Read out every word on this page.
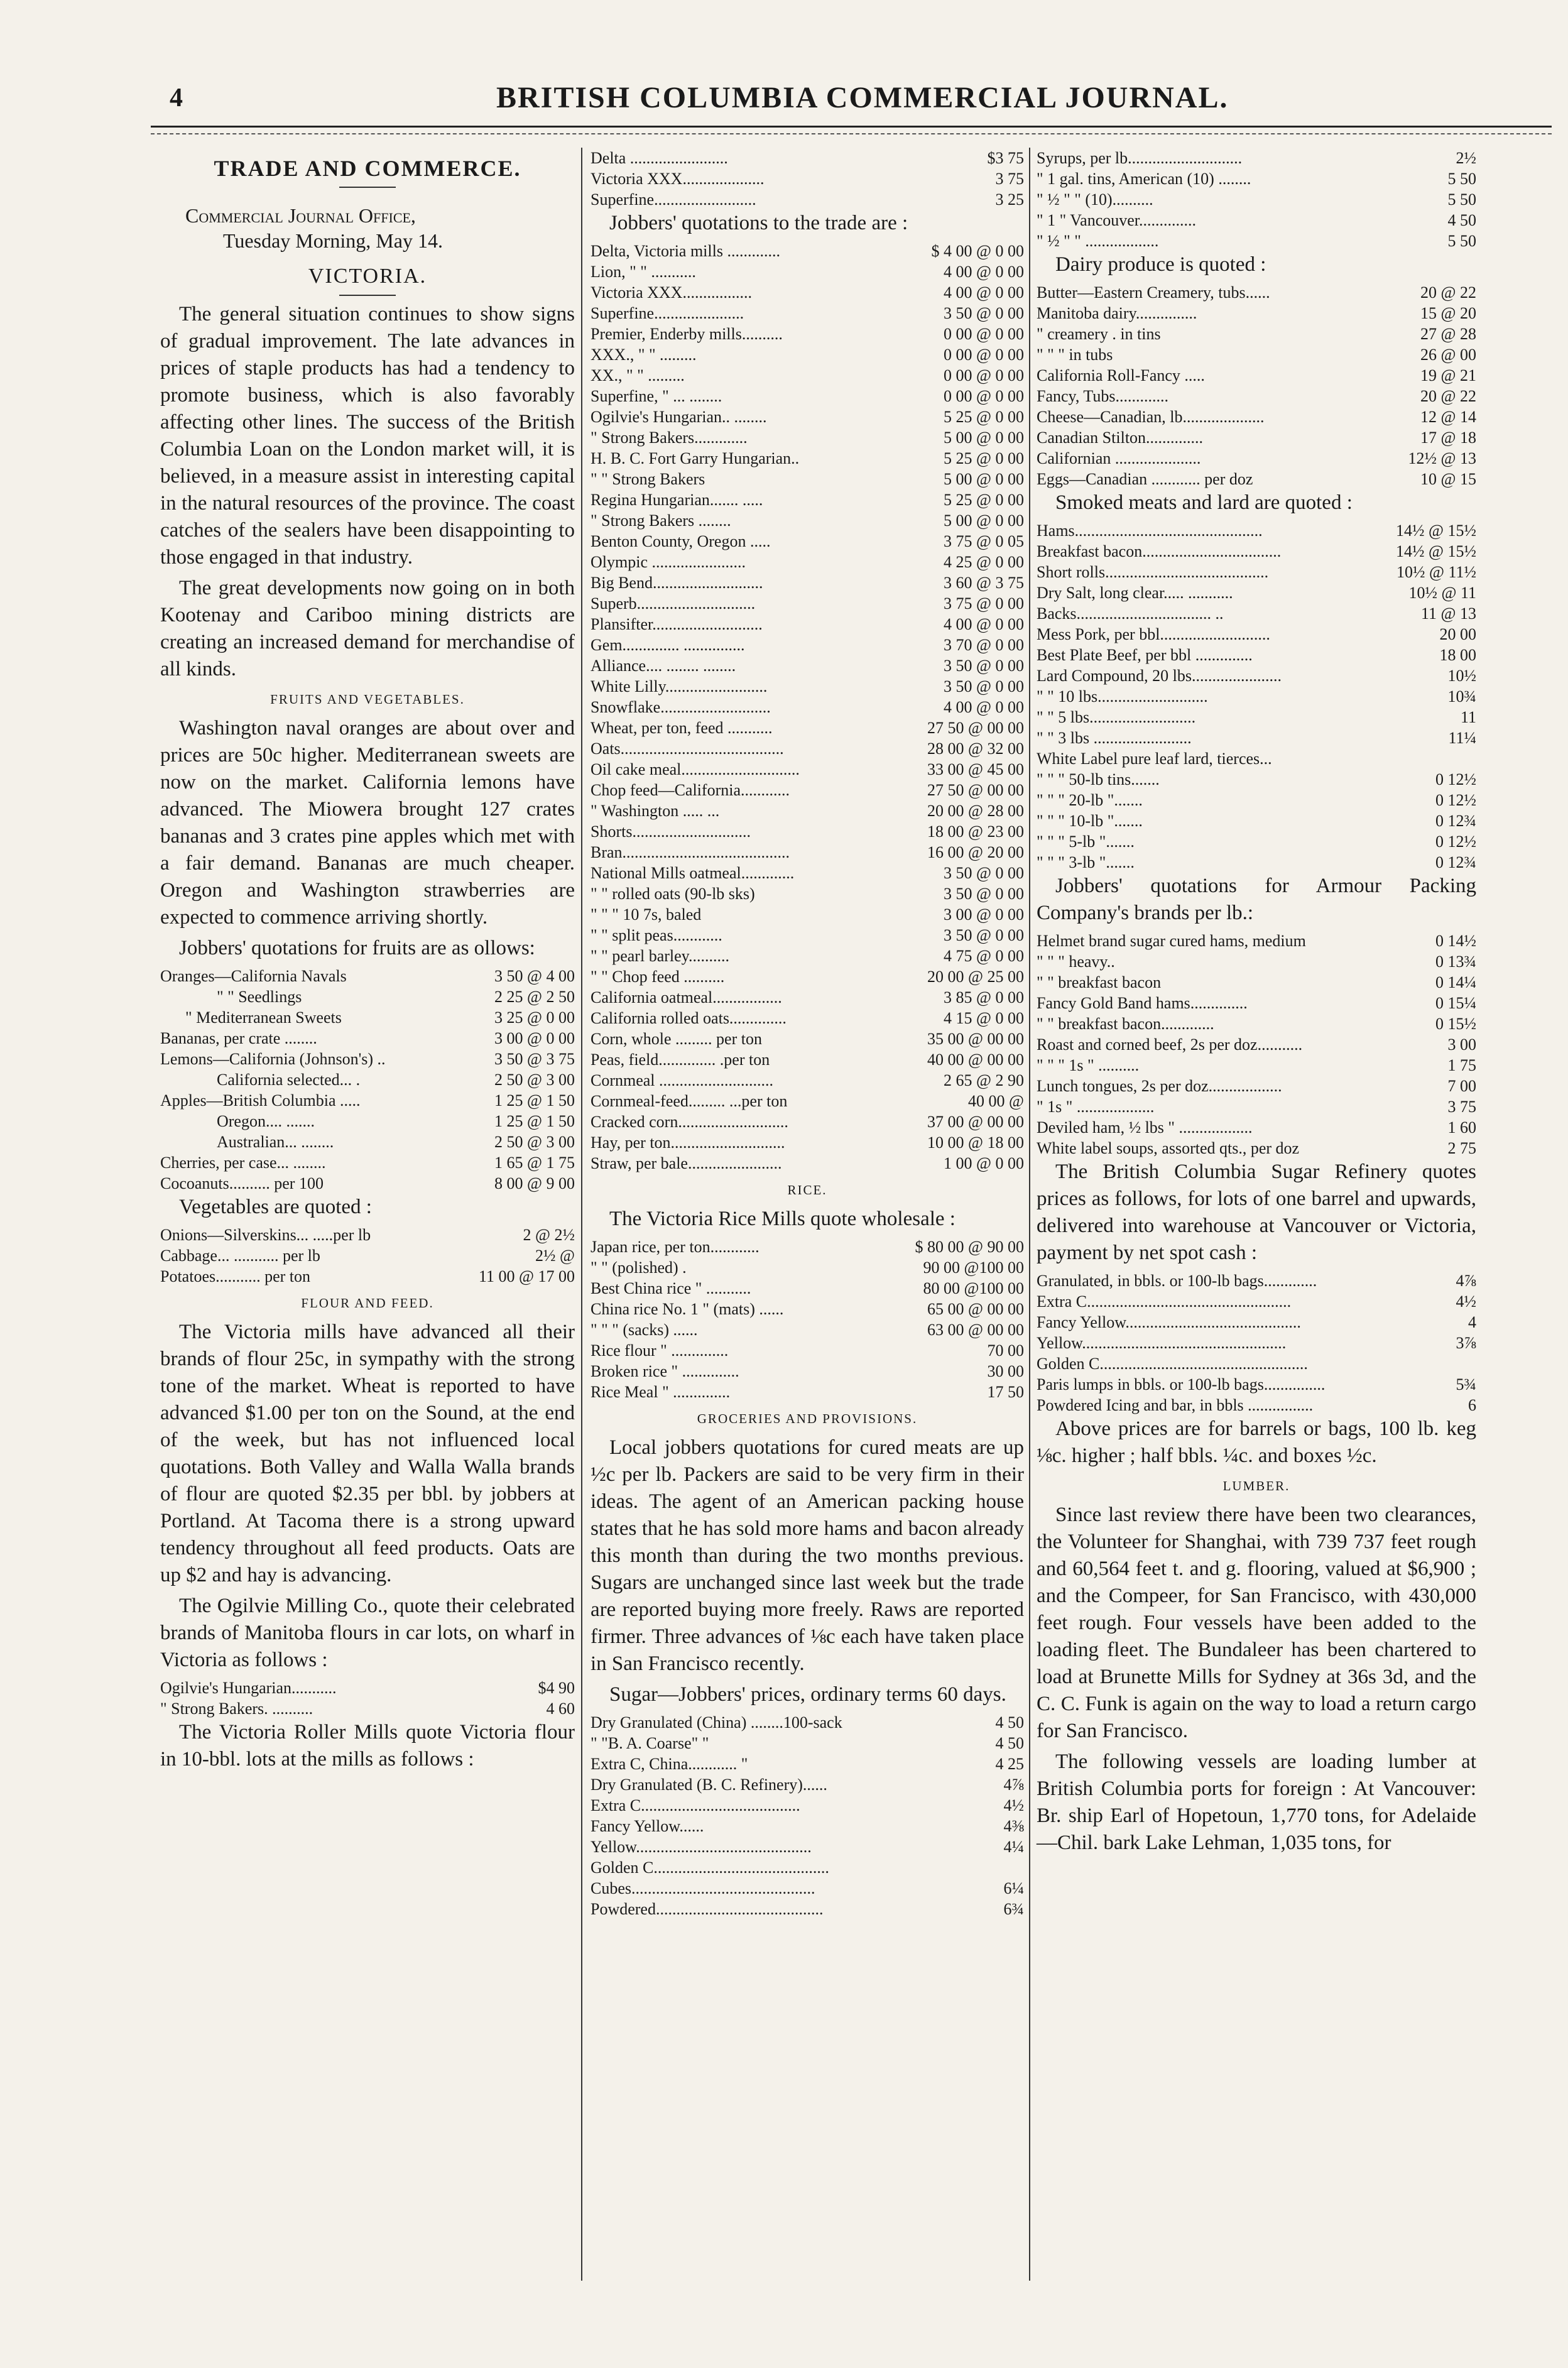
4	BRITISH COLUMBIA COMMERCIAL JOURNAL.
TRADE AND COMMERCE.
Commercial Journal Office,
Tuesday Morning, May 14.
VICTORIA.

The general situation continues to show signs of gradual improvement. The late advances in prices of staple products has had a tendency to promote business, which is also favorably affecting other lines. The success of the British Columbia Loan on the London market will, it is believed, in a measure assist in interesting capital in the natural resources of the province. The coast catches of the sealers have been disappointing to those engaged in that industry.

The great developments now going on in both Kootenay and Cariboo mining districts are creating an increased demand for merchandise of all kinds.

FRUITS AND VEGETABLES.

Washington naval oranges are about over and prices are 50c higher. Mediterranean sweets are now on the market. California lemons have advanced. The Miowera brought 127 crates bananas and 3 crates pine apples which met with a fair demand. Bananas are much cheaper. Oregon and Washington strawberries are expected to commence arriving shortly.

Jobbers' quotations for fruits are as ollows:

Oranges—California Navals	3 50 @ 4 00
" " Seedlings	2 25 @ 2 50
" Mediterranean Sweets	3 25 @ 0 00
Bananas, per crate ........	3 00 @ 0 00
Lemons—California (Johnson's) ..	3 50 @ 3 75
California selected... .	2 50 @ 3 00
Apples—British Columbia .....	1 25 @ 1 50
Oregon.... .......	1 25 @ 1 50
Australian... ........	2 50 @ 3 00
Cherries, per case... ........	1 65 @ 1 75
Cocoanuts.......... per 100	8 00 @ 9 00

Vegetables are quoted :

Onions—Silverskins... .....per lb	2 @ 2½
Cabbage... ........... per lb	2½ @
Potatoes........... per ton	11 00 @ 17 00
FLOUR AND FEED.

The Victoria mills have advanced all their brands of flour 25c, in sympathy with the strong tone of the market. Wheat is reported to have advanced $1.00 per ton on the Sound, at the end of the week, but has not influenced local quotations. Both Valley and Walla Walla brands of flour are quoted $2.35 per bbl. by jobbers at Portland. At Tacoma there is a strong upward tendency throughout all feed products. Oats are up $2 and hay is advancing.

The Ogilvie Milling Co., quote their celebrated brands of Manitoba flours in car lots, on wharf in Victoria as follows :

Ogilvie's Hungarian...........	$4 90
" Strong Bakers. ..........	4 60

The Victoria Roller Mills quote Victoria flour in 10-bbl. lots at the mills as follows :

Delta ........................	$3 75
Victoria XXX....................	3 75
Superfine.........................	3 25

Jobbers' quotations to the trade are :

Delta, Victoria mills .............	$ 4 00 @ 0 00
Lion, " " ...........	4 00 @ 0 00
Victoria XXX.................	4 00 @ 0 00
Superfine......................	3 50 @ 0 00
Premier, Enderby mills..........	0 00 @ 0 00
XXX., " " .........	0 00 @ 0 00
XX., " " .........	0 00 @ 0 00
Superfine, " ... ........	0 00 @ 0 00
Ogilvie's Hungarian.. ........	5 25 @ 0 00
" Strong Bakers.............	5 00 @ 0 00
H. B. C. Fort Garry Hungarian..	5 25 @ 0 00
" " Strong Bakers	5 00 @ 0 00
Regina Hungarian....... .....	5 25 @ 0 00
" Strong Bakers ........	5 00 @ 0 00
Benton County, Oregon .....	3 75 @ 0 05
Olympic .......................	4 25 @ 0 00
Big Bend...........................	3 60 @ 3 75
Superb.............................	3 75 @ 0 00
Plansifter...........................	4 00 @ 0 00
Gem.............. ...............	3 70 @ 0 00
Alliance.... ........ ........	3 50 @ 0 00
White Lilly.........................	3 50 @ 0 00
Snowflake...........................	4 00 @ 0 00
Wheat, per ton, feed ...........	27 50 @ 00 00
Oats........................................	28 00 @ 32 00
Oil cake meal.............................	33 00 @ 45 00
Chop feed—California............	27 50 @ 00 00
" Washington ..... ...	20 00 @ 28 00
Shorts.............................	18 00 @ 23 00
Bran.........................................	16 00 @ 20 00
National Mills oatmeal.............	3 50 @ 0 00
" " rolled oats (90-lb sks)	3 50 @ 0 00
" " " 10 7s, baled	3 00 @ 0 00
" " split peas............	3 50 @ 0 00
" " pearl barley..........	4 75 @ 0 00
" " Chop feed ..........	20 00 @ 25 00
California oatmeal.................	3 85 @ 0 00
California rolled oats..............	4 15 @ 0 00
Corn, whole ......... per ton	35 00 @ 00 00
Peas, field.............. .per ton	40 00 @ 00 00
Cornmeal ............................	2 65 @ 2 90
Cornmeal-feed......... ...per ton	40 00 @
Cracked corn...........................	37 00 @ 00 00
Hay, per ton............................	10 00 @ 18 00
Straw, per bale.......................	1 00 @ 0 00
RICE.

The Victoria Rice Mills quote wholesale :

Japan rice, per ton............	$ 80 00 @ 90 00
" " (polished) .	90 00 @100 00
Best China rice " ...........	80 00 @100 00
China rice No. 1 " (mats) ......	65 00 @ 00 00
" " " (sacks) ......	63 00 @ 00 00
Rice flour " ..............	70 00
Broken rice " ..............	30 00
Rice Meal " ..............	17 50
GROCERIES AND PROVISIONS.

Local jobbers quotations for cured meats are up ½c per lb. Packers are said to be very firm in their ideas. The agent of an American packing house states that he has sold more hams and bacon already this month than during the two months previous. Sugars are unchanged since last week but the trade are reported buying more freely. Raws are reported firmer. Three advances of ⅛c each have taken place in San Francisco recently.

Sugar—Jobbers' prices, ordinary terms 60 days.

Dry Granulated (China) ........100-sack	4 50
" "B. A. Coarse" "	4 50
Extra C, China............ "	4 25
Dry Granulated (B. C. Refinery)......	4⅞
Extra C.......................................	4½
Fancy Yellow......	4⅜
Yellow...........................................	4¼
Golden C...........................................	
Cubes.............................................	6¼
Powdered.........................................	6¾
Syrups, per lb............................	2½
" 1 gal. tins, American (10) ........	5 50
" ½ " " (10)..........	5 50
" 1 " Vancouver..............	4 50
" ½ " " ..................	5 50

Dairy produce is quoted :

Butter—Eastern Creamery, tubs......	20 @ 22
Manitoba dairy...............	15 @ 20
" creamery . in tins	27 @ 28
" " " in tubs	26 @ 00
California Roll-Fancy .....	19 @ 21
Fancy, Tubs.............	20 @ 22
Cheese—Canadian, lb....................	12 @ 14
Canadian Stilton..............	17 @ 18
Californian .....................	12½ @ 13
Eggs—Canadian ............ per doz	10 @ 15

Smoked meats and lard are quoted :

Hams..............................................	14½ @ 15½
Breakfast bacon..................................	14½ @ 15½
Short rolls........................................	10½ @ 11½
Dry Salt, long clear..... ...........	10½ @ 11
Backs................................. ..	11 @ 13
Mess Pork, per bbl...........................	20 00
Best Plate Beef, per bbl ..............	18 00
Lard Compound, 20 lbs......................	10½
" " 10 lbs...........................	10¾
" " 5 lbs..........................	11
" " 3 lbs ........................	11¼
White Label pure leaf lard, tierces...	
" " " 50-lb tins.......	0 12½
" " " 20-lb ".......	0 12½
" " " 10-lb ".......	0 12¾
" " " 5-lb ".......	0 12½
" " " 3-lb ".......	0 12¾

Jobbers' quotations for Armour Packing Company's brands per lb.:

Helmet brand sugar cured hams, medium	0 14½
" " " heavy..	0 13¾
" " breakfast bacon	0 14¼
Fancy Gold Band hams..............	0 15¼
" " breakfast bacon.............	0 15½
Roast and corned beef, 2s per doz...........	3 00
" " " 1s " ..........	1 75
Lunch tongues, 2s per doz..................	7 00
" 1s " ...................	3 75
Deviled ham, ½ lbs " ..................	1 60
White label soups, assorted qts., per doz	2 75

The British Columbia Sugar Refinery quotes prices as follows, for lots of one barrel and upwards, delivered into warehouse at Vancouver or Victoria, payment by net spot cash :

Granulated, in bbls. or 100-lb bags.............	4⅞
Extra C..................................................	4½
Fancy Yellow...........................................	4
Yellow..................................................	3⅞
Golden C...................................................	
Paris lumps in bbls. or 100-lb bags...............	5¾
Powdered Icing and bar, in bbls ................	6

Above prices are for barrels or bags, 100 lb. keg ⅛c. higher ; half bbls. ¼c. and boxes ½c.

LUMBER.

Since last review there have been two clearances, the Volunteer for Shanghai, with 739 737 feet rough and 60,564 feet t. and g. flooring, valued at $6,900 ; and the Compeer, for San Francisco, with 430,000 feet rough. Four vessels have been added to the loading fleet. The Bundaleer has been chartered to load at Brunette Mills for Sydney at 36s 3d, and the C. C. Funk is again on the way to load a return cargo for San Francisco.

The following vessels are loading lumber at British Columbia ports for foreign : At Vancouver: Br. ship Earl of Hopetoun, 1,770 tons, for Adelaide—Chil. bark Lake Lehman, 1,035 tons, for
